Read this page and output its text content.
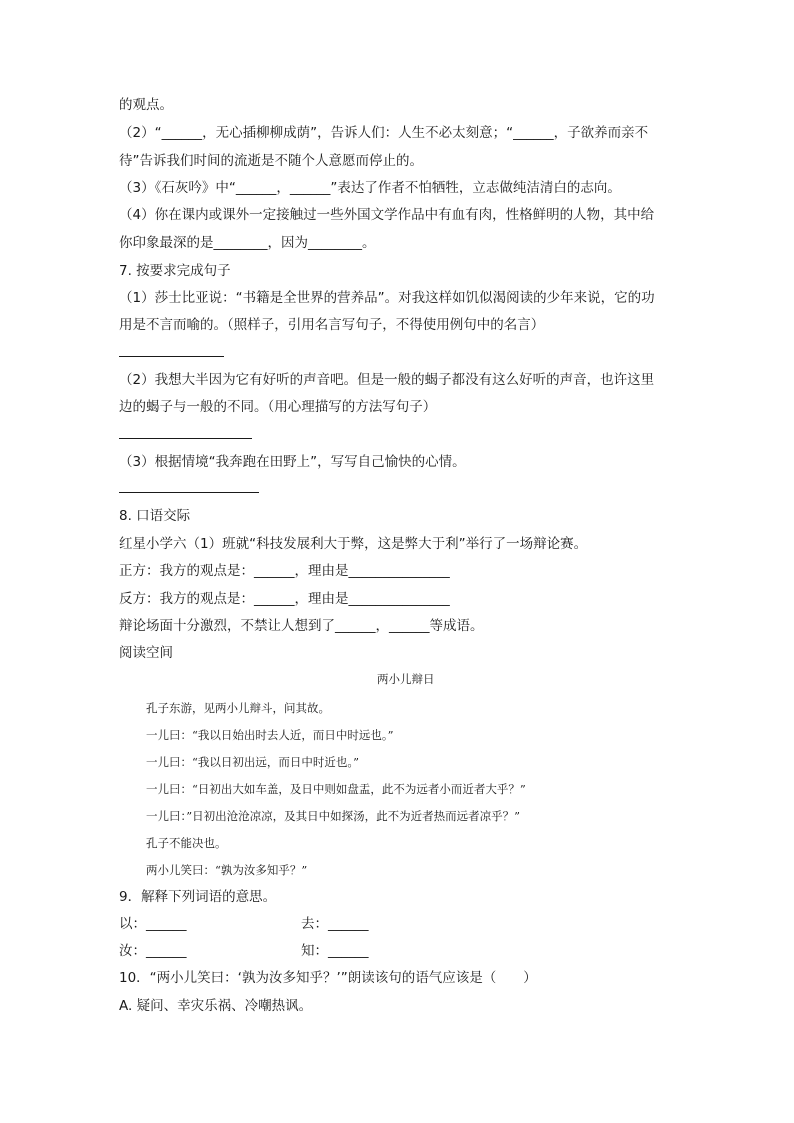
的观点。
（2）“______，无心插柳柳成荫”，告诉人们：人生不必太刻意；“______，子欲养而亲不
待”告诉我们时间的流逝是不随个人意愿而停止的。
（3）《石灰吟》中“______，______”表达了作者不怕牺牲，立志做纯洁清白的志向。
（4）你在课内或课外一定接触过一些外国文学作品中有血有肉，性格鲜明的人物，其中给
你印象最深的是________，因为________。
7. 按要求完成句子
（1）莎士比亚说：“书籍是全世界的营养品”。对我这样如饥似渴阅读的少年来说，它的功
用是不言而喻的。（照样子，引用名言写句子，不得使用例句中的名言）
（2）我想大半因为它有好听的声音吧。但是一般的蝎子都没有这么好听的声音，也许这里
边的蝎子与一般的不同。（用心理描写的方法写句子）
（3）根据情境“我奔跑在田野上”，写写自己愉快的心情。
8. 口语交际
红星小学六（1）班就“科技发展利大于弊，这是弊大于利”举行了一场辩论赛。
正方：我方的观点是：______，理由是_______________
反方：我方的观点是：______，理由是_______________
辩论场面十分激烈，不禁让人想到了______，______等成语。
阅读空间
两小儿辩日
孔子东游，见两小儿辩斗，问其故。
一儿曰：“我以日始出时去人近，而日中时远也。”
一儿曰：“我以日初出远，而日中时近也。”
一儿曰：“日初出大如车盖，及日中则如盘盂，此不为远者小而近者大乎？”
一儿曰：”日初出沧沧凉凉，及其日中如探汤，此不为近者热而远者凉乎？”
孔子不能决也。
两小儿笑曰：“孰为汝多知乎？”
9．解释下列词语的意思。
以：______	去：______
汝：______	知：______
10．“两小儿笑曰：‘孰为汝多知乎？’”朗读该句的语气应该是（　　）
A. 疑问、幸灾乐祸、冷嘲热讽。
